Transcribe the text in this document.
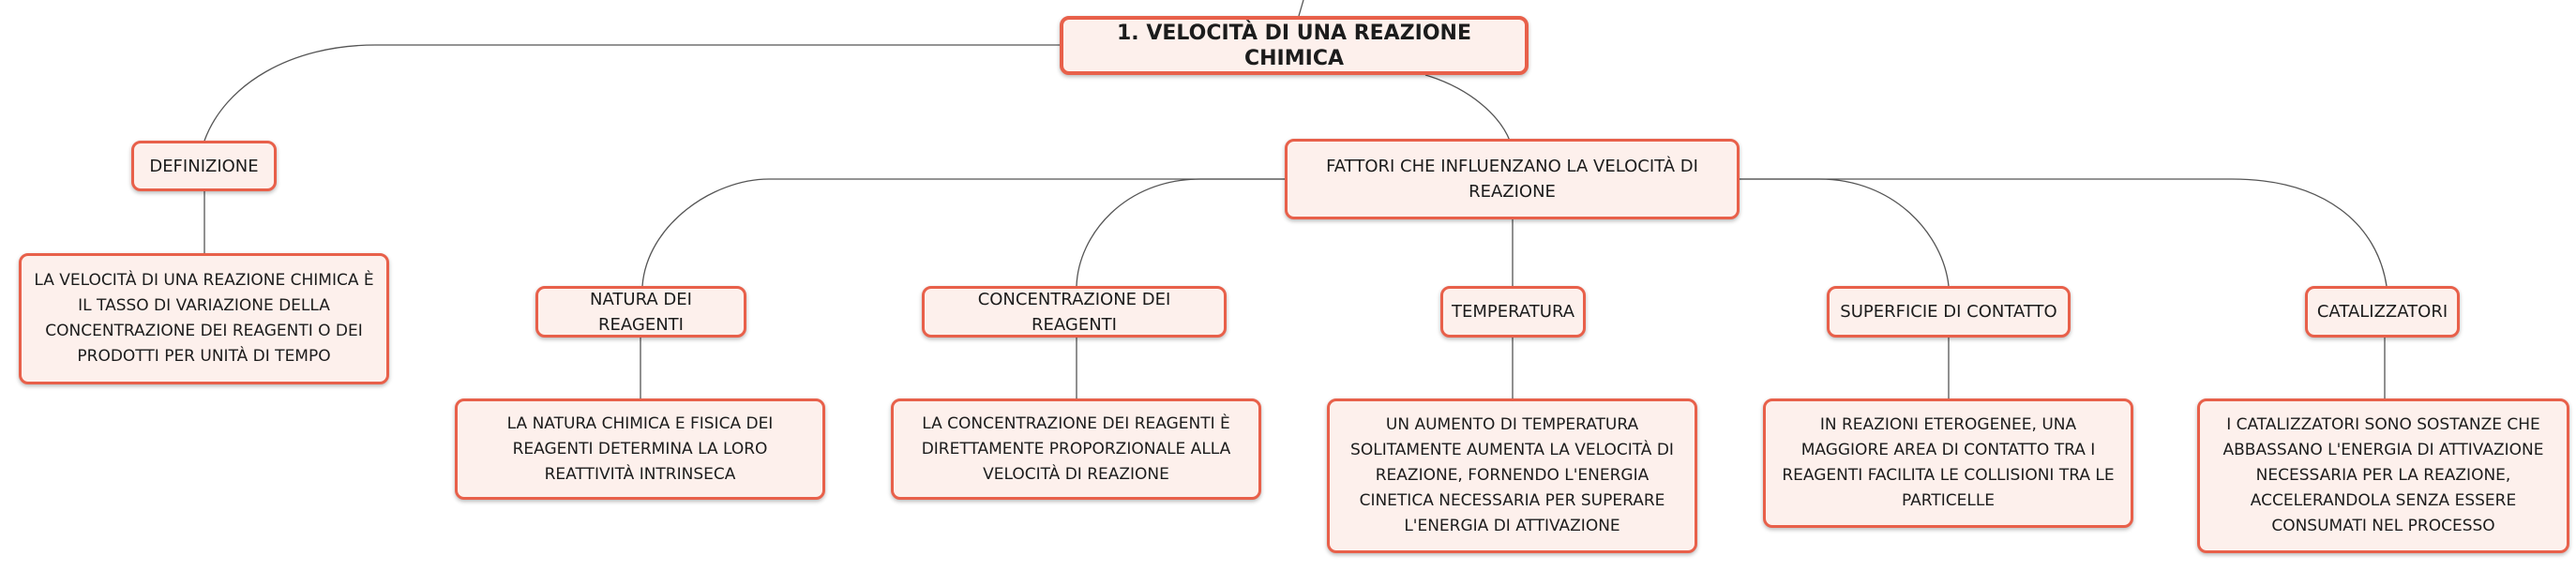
1. VELOCITÀ DI UNA REAZIONE CHIMICA
DEFINIZIONE
LA VELOCITÀ DI UNA REAZIONE CHIMICA È IL TASSO DI VARIAZIONE DELLA CONCENTRAZIONE DEI REAGENTI O DEI PRODOTTI PER UNITÀ DI TEMPO
FATTORI CHE INFLUENZANO LA VELOCITÀ DI REAZIONE
NATURA DEI REAGENTI
LA NATURA CHIMICA E FISICA DEI REAGENTI DETERMINA LA LORO REATTIVITÀ INTRINSECA
CONCENTRAZIONE DEI REAGENTI
LA CONCENTRAZIONE DEI REAGENTI È DIRETTAMENTE PROPORZIONALE ALLA VELOCITÀ DI REAZIONE
TEMPERATURA
UN AUMENTO DI TEMPERATURA SOLITAMENTE AUMENTA LA VELOCITÀ DI REAZIONE, FORNENDO L'ENERGIA CINETICA NECESSARIA PER SUPERARE L'ENERGIA DI ATTIVAZIONE
SUPERFICIE DI CONTATTO
IN REAZIONI ETEROGENEE, UNA MAGGIORE AREA DI CONTATTO TRA I REAGENTI FACILITA LE COLLISIONI TRA LE PARTICELLE
CATALIZZATORI
I CATALIZZATORI SONO SOSTANZE CHE ABBASSANO L'ENERGIA DI ATTIVAZIONE NECESSARIA PER LA REAZIONE, ACCELERANDOLA SENZA ESSERE CONSUMATI NEL PROCESSO
